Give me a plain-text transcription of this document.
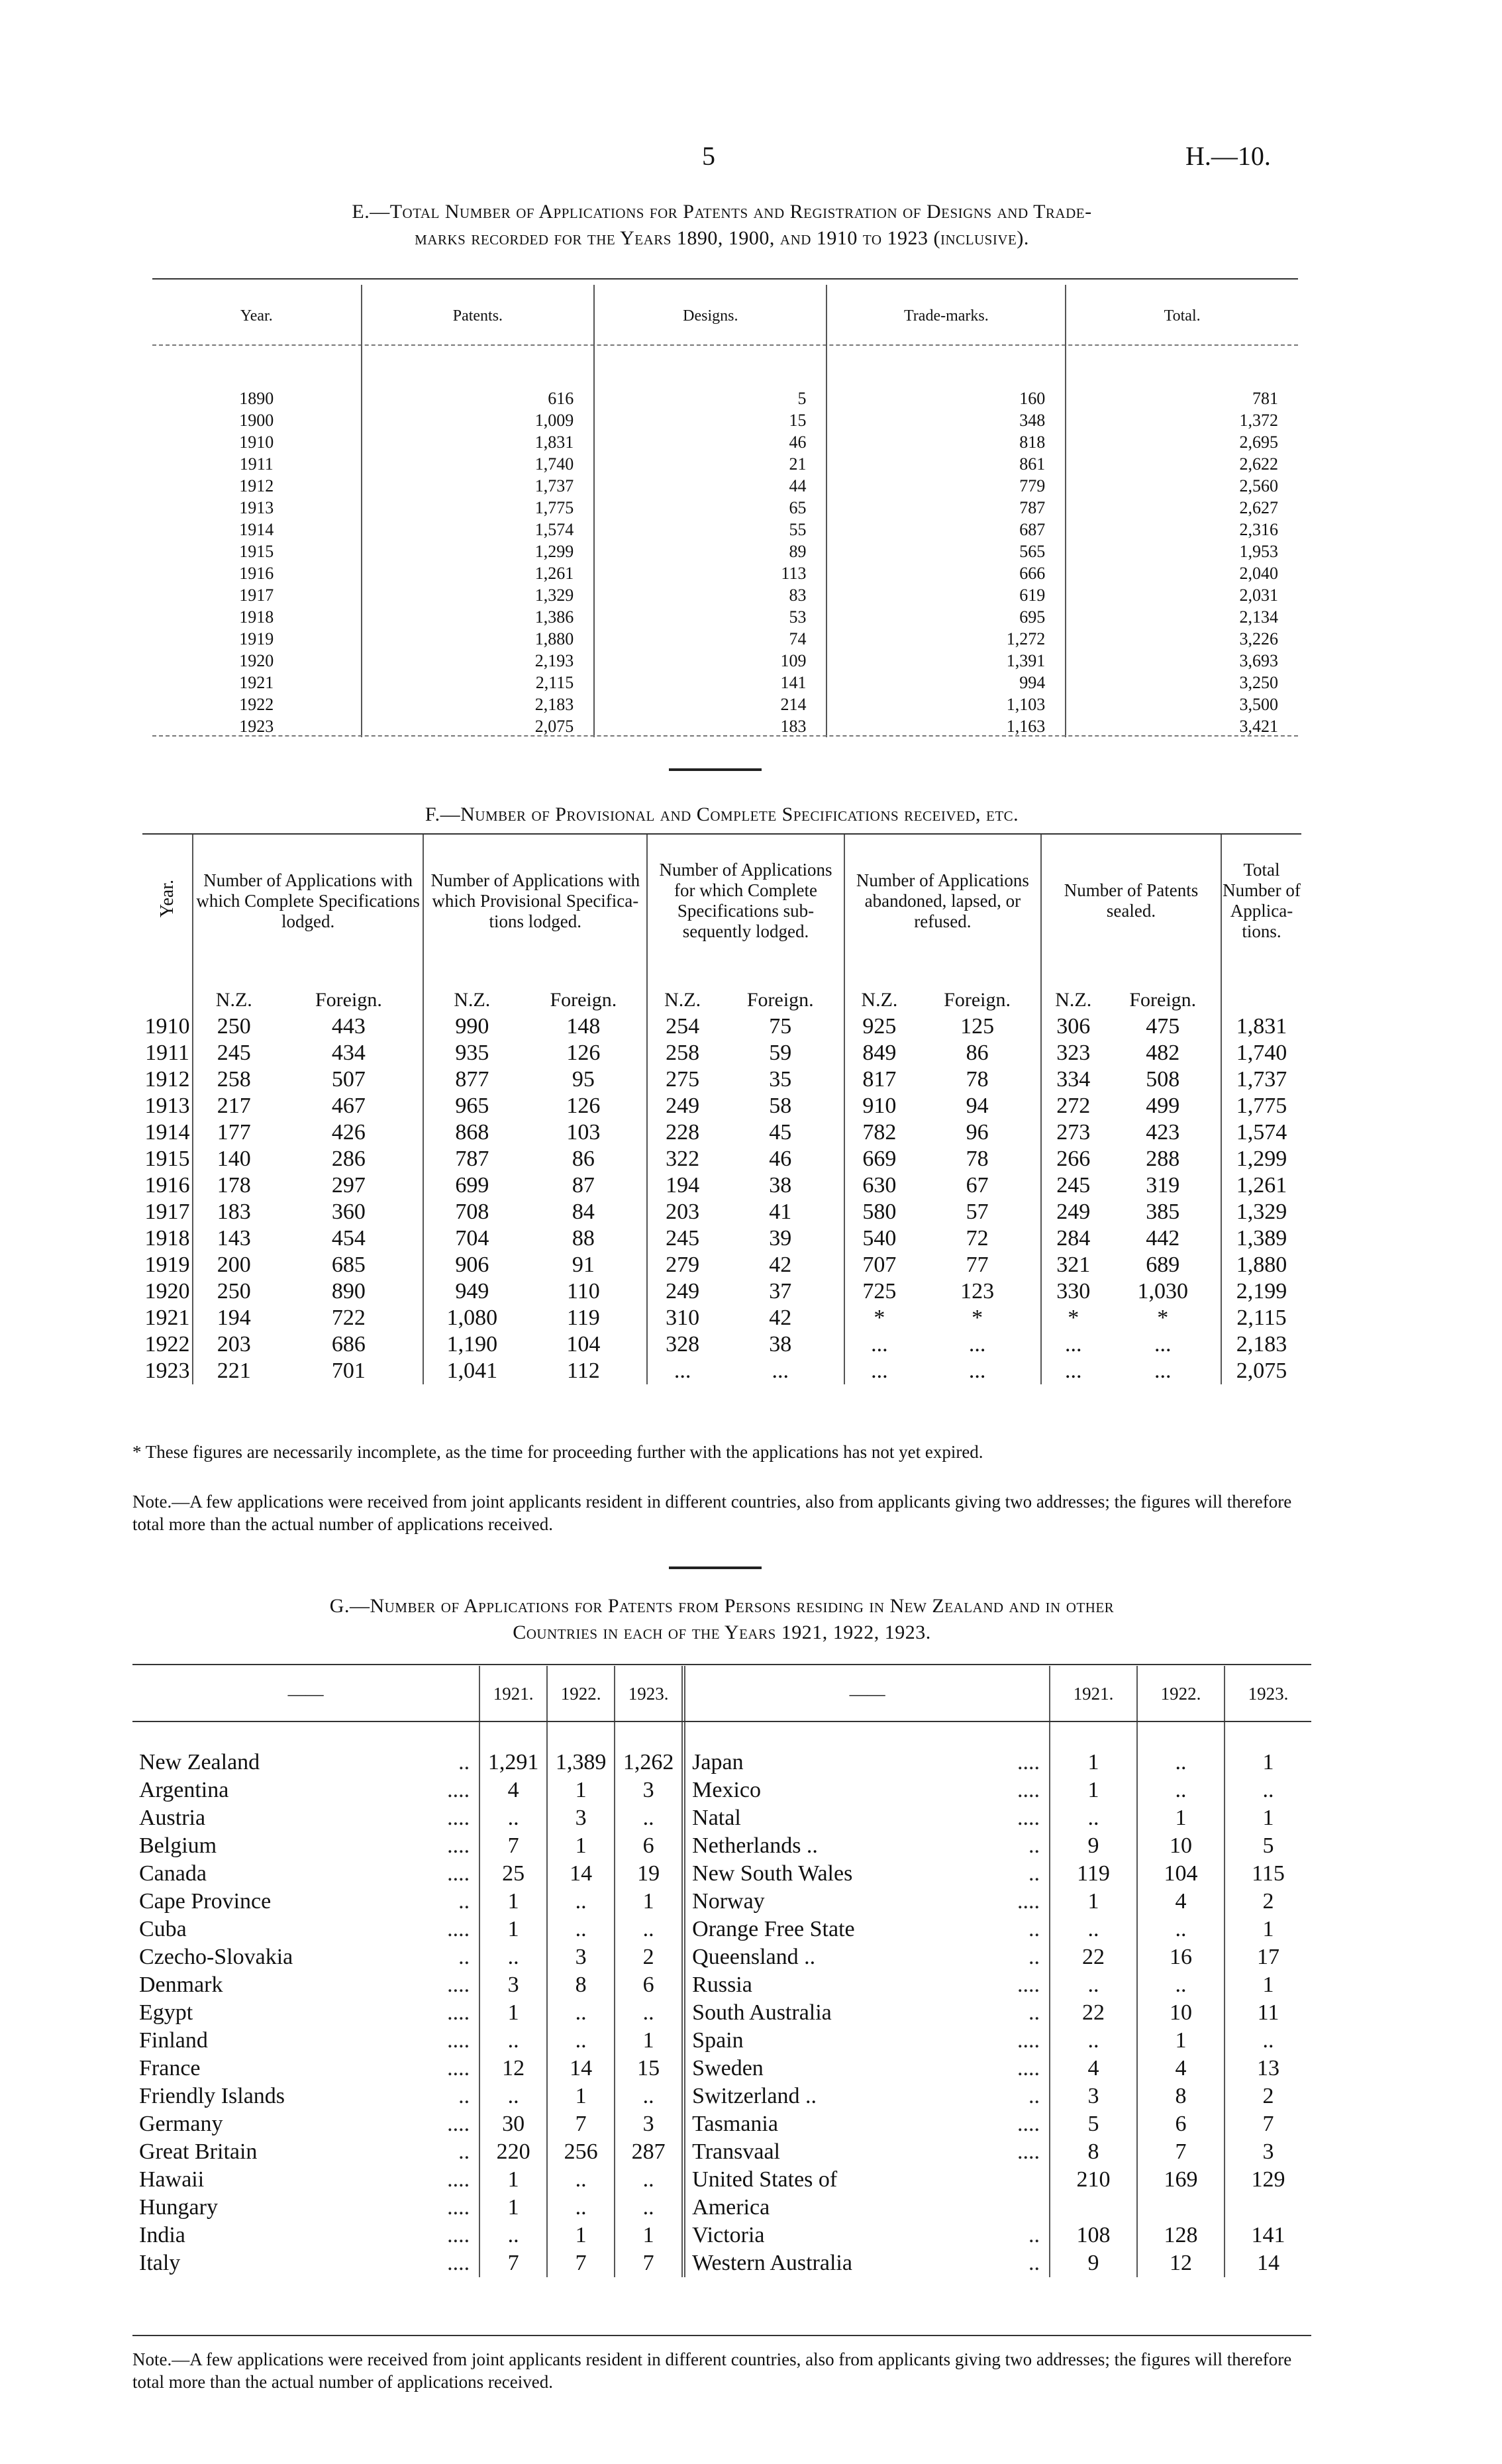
5	H.—10.
E.—Total Number of Applications for Patents and Registration of Designs and Trade-
marks recorded for the Years 1890, 1900, and 1910 to 1923 (inclusive).
Year.	Patents.	Designs.	Trade-marks.	Total.
1890	616	5	160	781
1900	1,009	15	348	1,372
1910	1,831	46	818	2,695
1911	1,740	21	861	2,622
1912	1,737	44	779	2,560
1913	1,775	65	787	2,627
1914	1,574	55	687	2,316
1915	1,299	89	565	1,953
1916	1,261	113	666	2,040
1917	1,329	83	619	2,031
1918	1,386	53	695	2,134
1919	1,880	74	1,272	3,226
1920	2,193	109	1,391	3,693
1921	2,115	141	994	3,250
1922	2,183	214	1,103	3,500
1923	2,075	183	1,163	3,421
F.—Number of Provisional and Complete Specifications received, etc.
Year.	Number of Applications with which Complete Specifications lodged.		Number of Applications with which Provisional Specifications lodged.		Number of Applications for which Complete Specifications subsequently lodged.		Number of Applications abandoned, lapsed, or refused.		Number of Patents sealed.		Total Number of Applications.
	N.Z.	Foreign.	N.Z.	Foreign.	N.Z.	Foreign.	N.Z.	Foreign.	N.Z.	Foreign.	
1910	250	443	990	148	254	75	925	125	306	475	1,831
1911	245	434	935	126	258	59	849	86	323	482	1,740
1912	258	507	877	95	275	35	817	78	334	508	1,737
1913	217	467	965	126	249	58	910	94	272	499	1,775
1914	177	426	868	103	228	45	782	96	273	423	1,574
1915	140	286	787	86	322	46	669	78	266	288	1,299
1916	178	297	699	87	194	38	630	67	245	319	1,261
1917	183	360	708	84	203	41	580	57	249	385	1,329
1918	143	454	704	88	245	39	540	72	284	442	1,389
1919	200	685	906	91	279	42	707	77	321	689	1,880
1920	250	890	949	110	249	37	725	123	330	1,030	2,199
1921	194	722	1,080	119	310	42	*	*	*	*	2,115
1922	203	686	1,190	104	328	38	...	...	...	...	2,183
1923	221	701	1,041	112	...	...	...	...	...	...	2,075
* These figures are necessarily incomplete, as the time for proceeding further with the applications has not yet expired.
Note.—A few applications were received from joint applicants resident in different countries, also from applicants giving two addresses; the figures will therefore total more than the actual number of applications received.
G.—Number of Applications for Patents from Persons residing in New Zealand and in other
Countries in each of the Years 1921, 1922, 1923.
——		1921.	1922.	1923.	——		1921.	1922.	1923.
New Zealand	..	1,291	1,389	1,262	Japan	....	1	..	1
Argentina	....	4	1	3	Mexico	....	1	..	..
Austria	....	..	3	..	Natal	....	..	1	1
Belgium	....	7	1	6	Netherlands ..	..	9	10	5
Canada	....	25	14	19	New South Wales	..	119	104	115
Cape Province	..	1	..	1	Norway	....	1	4	2
Cuba	....	1	..	..	Orange Free State	..	..	..	1
Czecho-Slovakia	..	..	3	2	Queensland ..	..	22	16	17
Denmark	....	3	8	6	Russia	....	..	..	1
Egypt	....	1	..	..	South Australia	..	22	10	11
Finland	....	..	..	1	Spain	....	..	1	..
France	....	12	14	15	Sweden	....	4	4	13
Friendly Islands	..	..	1	..	Switzerland ..	..	3	8	2
Germany	....	30	7	3	Tasmania	....	5	6	7
Great Britain	..	220	256	287	Transvaal	....	8	7	3
Hawaii	....	1	..	..	United States of		210	169	129
Hungary	....	1	..	..	America				
India	....	..	1	1	Victoria	..	108	128	141
Italy	....	7	7	7	Western Australia	..	9	12	14
Note.—A few applications were received from joint applicants resident in different countries, also from applicants giving two addresses; the figures will therefore total more than the actual number of applications received.
